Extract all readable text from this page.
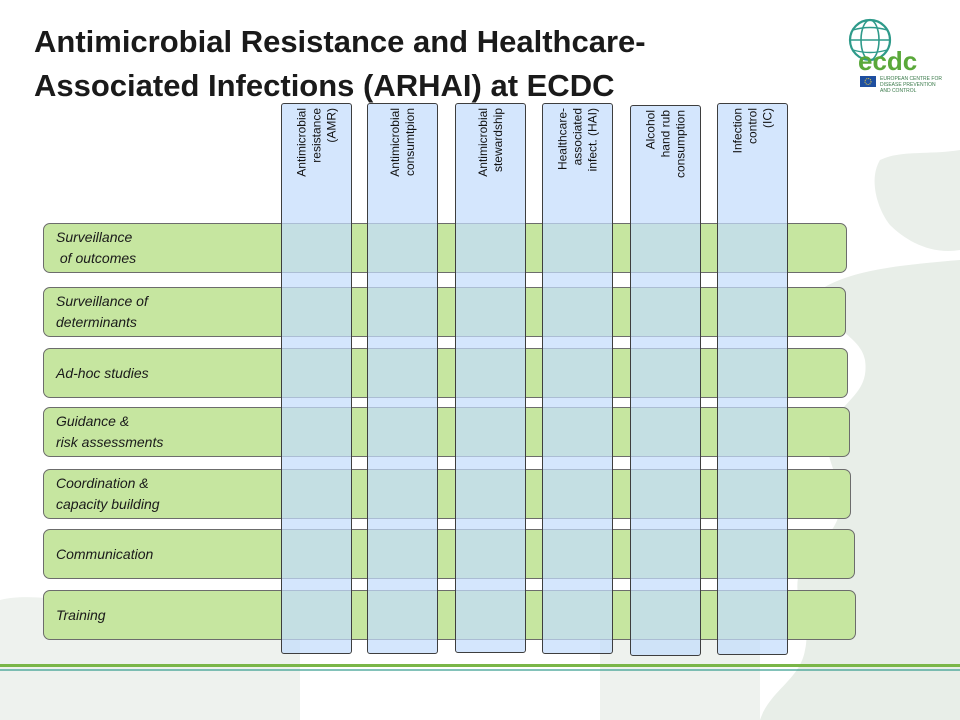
Antimicrobial Resistance and Healthcare-
Associated Infections (ARHAI) at ECDC
ecdc
EUROPEAN CENTRE FOR
DISEASE PREVENTION
AND CONTROL
Surveillance
of outcomes
Surveillance of
determinants
Ad-hoc studies
Guidance &
risk assessments
Coordination &
capacity building
Communication
Training
Antimicrobial resistance (AMR)	Antimicrobial consumtpion	Antimicrobial stewardship	Healthcare- associated infect. (HAI)	Alcohol hand rub consumption	Infection control (IC)
